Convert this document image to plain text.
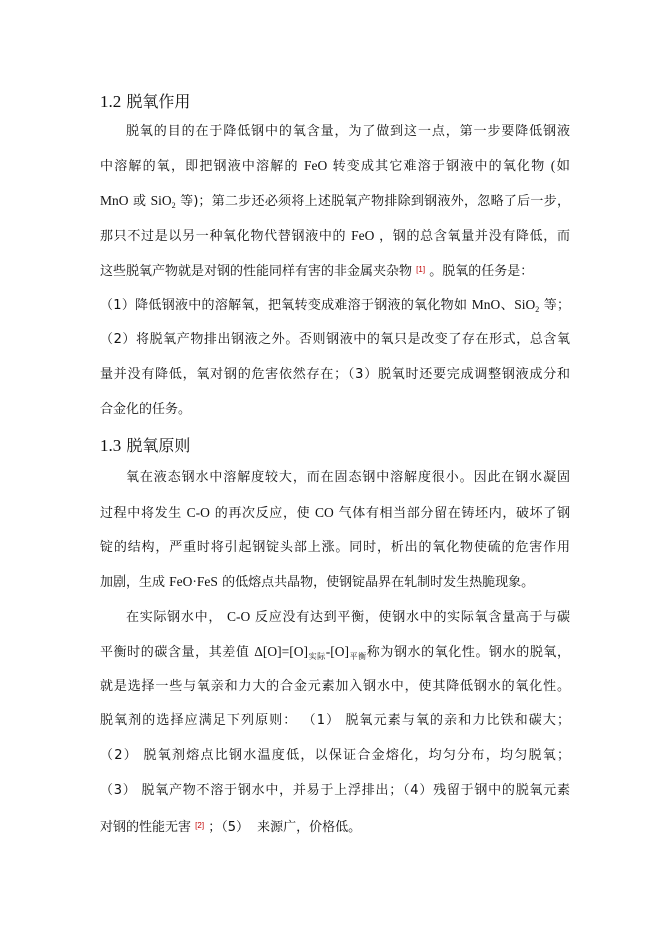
1.2 脱氧作用
脱氧的目的在于降低钢中的氧含量，为了做到这一点，第一步要降低钢液
中溶解的氧，即把钢液中溶解的 FeO 转变成其它难溶于钢液中的氧化物 (如
MnO 或 SiO$_2$ 等)；第二步还必须将上述脱氧产物排除到钢液外，忽略了后一步，
那只不过是以另一种氧化物代替钢液中的 FeO ，钢的总含氧量并没有降低，而
这些脱氧产物就是对钢的性能同样有害的非金属夹杂物 [1] 。脱氧的任务是：
（1）降低钢液中的溶解氧，把氧转变成难溶于钢液的氧化物如 MnO、SiO$_2$ 等；
（2）将脱氧产物排出钢液之外。否则钢液中的氧只是改变了存在形式，总含氧
量并没有降低，氧对钢的危害依然存在；（3）脱氧时还要完成调整钢液成分和
合金化的任务。
1.3 脱氧原则
氧在液态钢水中溶解度较大，而在固态钢中溶解度很小。因此在钢水凝固
过程中将发生 C-O 的再次反应，使 CO 气体有相当部分留在铸坯内，破坏了钢
锭的结构，严重时将引起钢锭头部上涨。同时，析出的氧化物使硫的危害作用
加剧，生成 FeO·FeS 的低熔点共晶物，使钢锭晶界在轧制时发生热脆现象。
在实际钢水中， C-O 反应没有达到平衡，使钢水中的实际氧含量高于与碳
平衡时的碳含量，其差值 $\Delta[O]=[O]_{实际}-[O]_{平衡}$称为钢水的氧化性。钢水的脱氧，
就是选择一些与氧亲和力大的合金元素加入钢水中，使其降低钢水的氧化性。
脱氧剂的选择应满足下列原则： （1） 脱氧元素与氧的亲和力比铁和碳大；
（2） 脱氧剂熔点比钢水温度低，以保证合金熔化，均匀分布，均匀脱氧；
（3） 脱氧产物不溶于钢水中，并易于上浮排出；（4）残留于钢中的脱氧元素
对钢的性能无害 [2] ；（5） 来源广，价格低。
